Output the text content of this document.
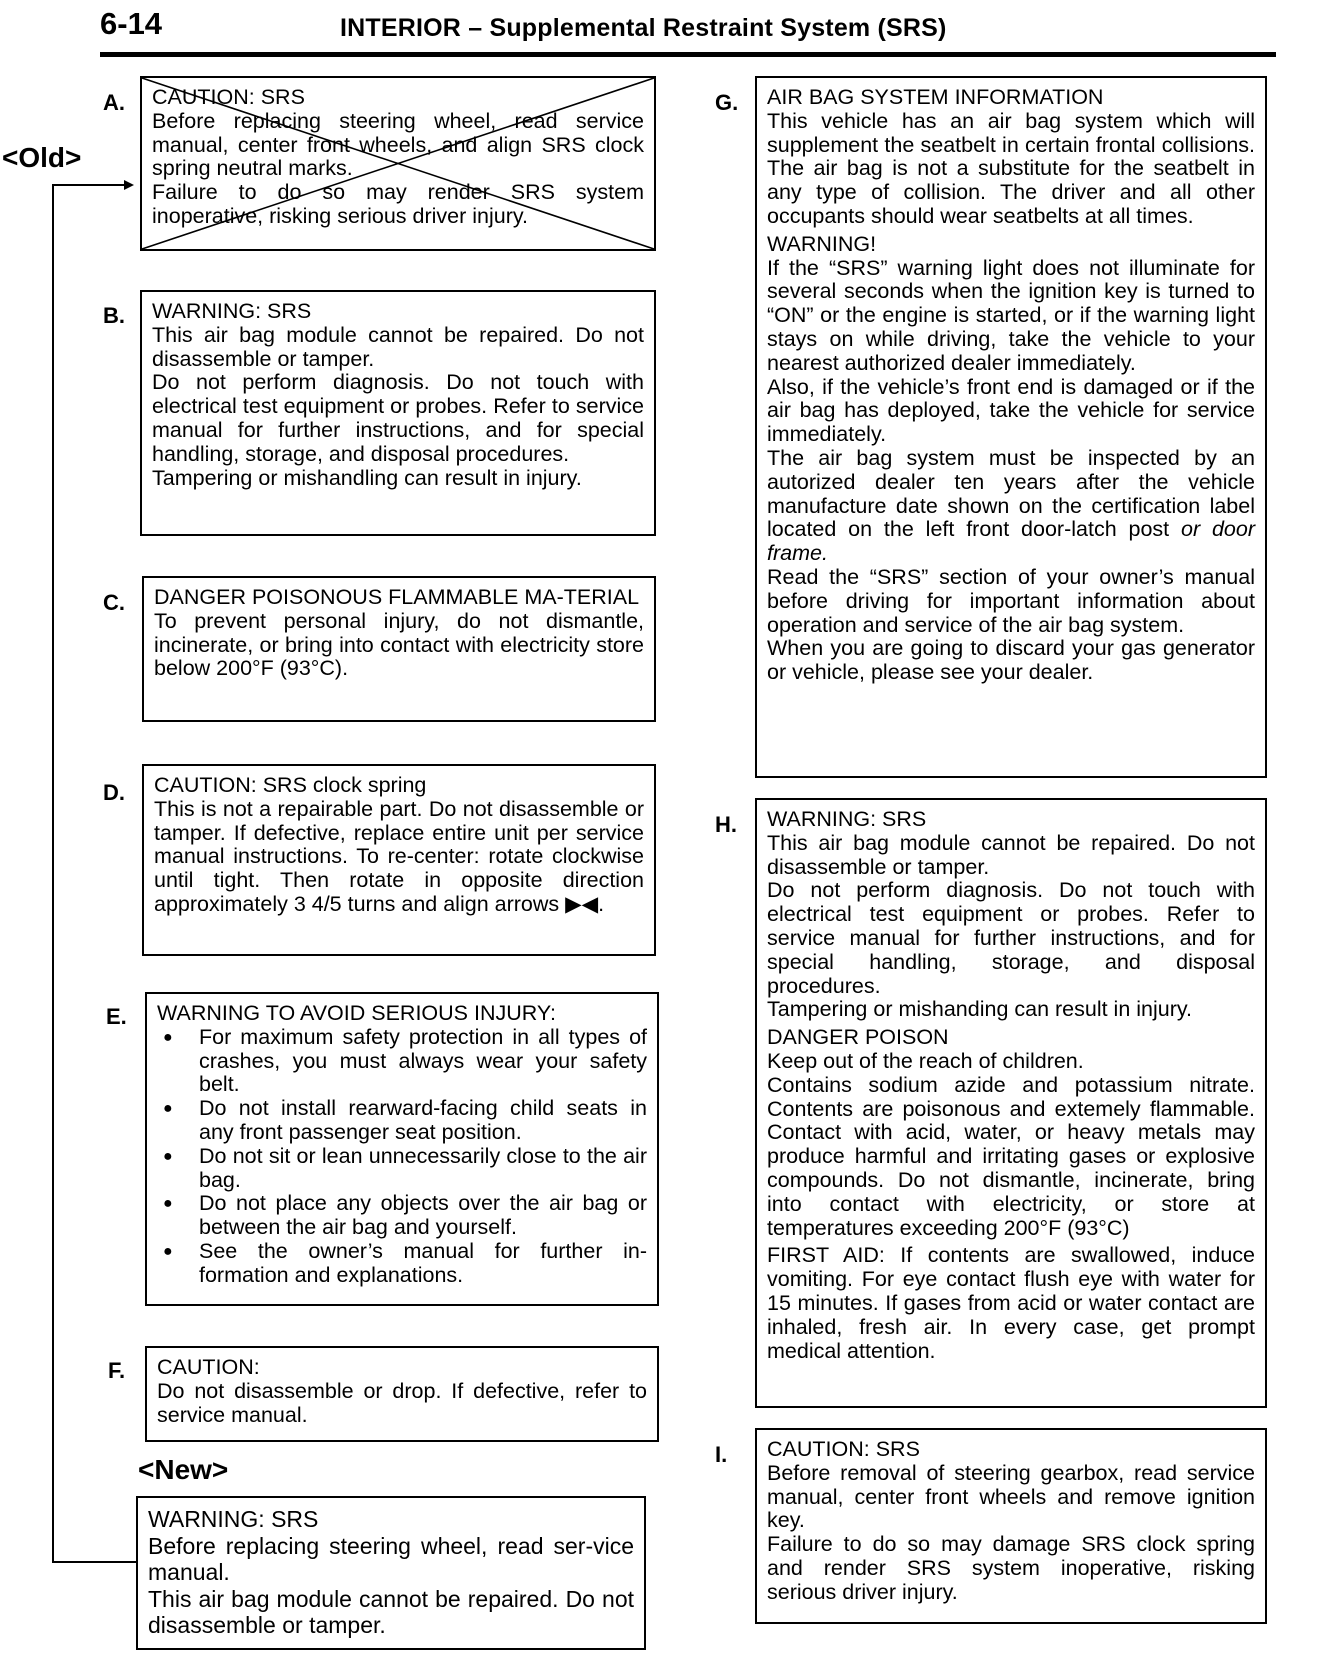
6-14	INTERIOR – Supplemental Restraint System (SRS)
<Old>
A. CAUTION: SRS

Before replacing steering wheel, read service manual, center front wheels, and align SRS clock spring neutral marks.

Failure to do so may render SRS system inoperative, risking serious driver injury.

B. WARNING: SRS

This air bag module cannot be repaired. Do not disassemble or tamper.

Do not perform diagnosis. Do not touch with electrical test equipment or probes. Refer to service manual for further instructions, and for special handling, storage, and disposal procedures.

Tampering or mishandling can result in injury.

C. DANGER POISONOUS FLAMMABLE MA-TERIAL

To prevent personal injury, do not dismantle, incinerate, or bring into contact with electricity store below 200°F (93°C).

D. CAUTION: SRS clock spring

This is not a repairable part. Do not disassemble or tamper. If defective, replace entire unit per service manual instructions. To re-center: rotate clockwise until tight. Then rotate in opposite direction approximately 3 4/5 turns and align arrows ▶◀.

E. WARNING TO AVOID SERIOUS INJURY:
● For maximum safety protection in all types of crashes, you must always wear your safety belt.
● Do not install rearward-facing child seats in any front passenger seat position.
● Do not sit or lean unnecessarily close to the air bag.
● Do not place any objects over the air bag or between the air bag and yourself.
● See the owner’s manual for further in-formation and explanations.
F. CAUTION:

Do not disassemble or drop. If defective, refer to service manual.

<New>
WARNING: SRS

Before replacing steering wheel, read ser-vice manual.

This air bag module cannot be repaired. Do not disassemble or tamper.

G. AIR BAG SYSTEM INFORMATION

This vehicle has an air bag system which will supplement the seatbelt in certain frontal collisions. The air bag is not a substitute for the seatbelt in any type of collision. The driver and all other occupants should wear seatbelts at all times.

WARNING!

If the “SRS” warning light does not illuminate for several seconds when the ignition key is turned to “ON” or the engine is started, or if the warning light stays on while driving, take the vehicle to your nearest authorized dealer immediately.

Also, if the vehicle’s front end is damaged or if the air bag has deployed, take the vehicle for service immediately.

The air bag system must be inspected by an autorized dealer ten years after the vehicle manufacture date shown on the certification label located on the left front door-latch post or door frame.

Read the “SRS” section of your owner’s manual before driving for important information about operation and service of the air bag system.

When you are going to discard your gas generator or vehicle, please see your dealer.

H. WARNING: SRS

This air bag module cannot be repaired. Do not disassemble or tamper.

Do not perform diagnosis. Do not touch with electrical test equipment or probes. Refer to service manual for further instructions, and for special handling, storage, and disposal procedures.

Tampering or mishanding can result in injury.

DANGER POISON

Keep out of the reach of children.

Contains sodium azide and potassium nitrate. Contents are poisonous and extemely flammable. Contact with acid, water, or heavy metals may produce harmful and irritating gases or explosive compounds. Do not dismantle, incinerate, bring into contact with electricity, or store at temperatures exceeding 200°F (93°C)

FIRST AID: If contents are swallowed, induce vomiting. For eye contact flush eye with water for 15 minutes. If gases from acid or water contact are inhaled, fresh air. In every case, get prompt medical attention.

I. CAUTION: SRS

Before removal of steering gearbox, read service manual, center front wheels and remove ignition key.

Failure to do so may damage SRS clock spring and render SRS system inoperative, risking serious driver injury.
